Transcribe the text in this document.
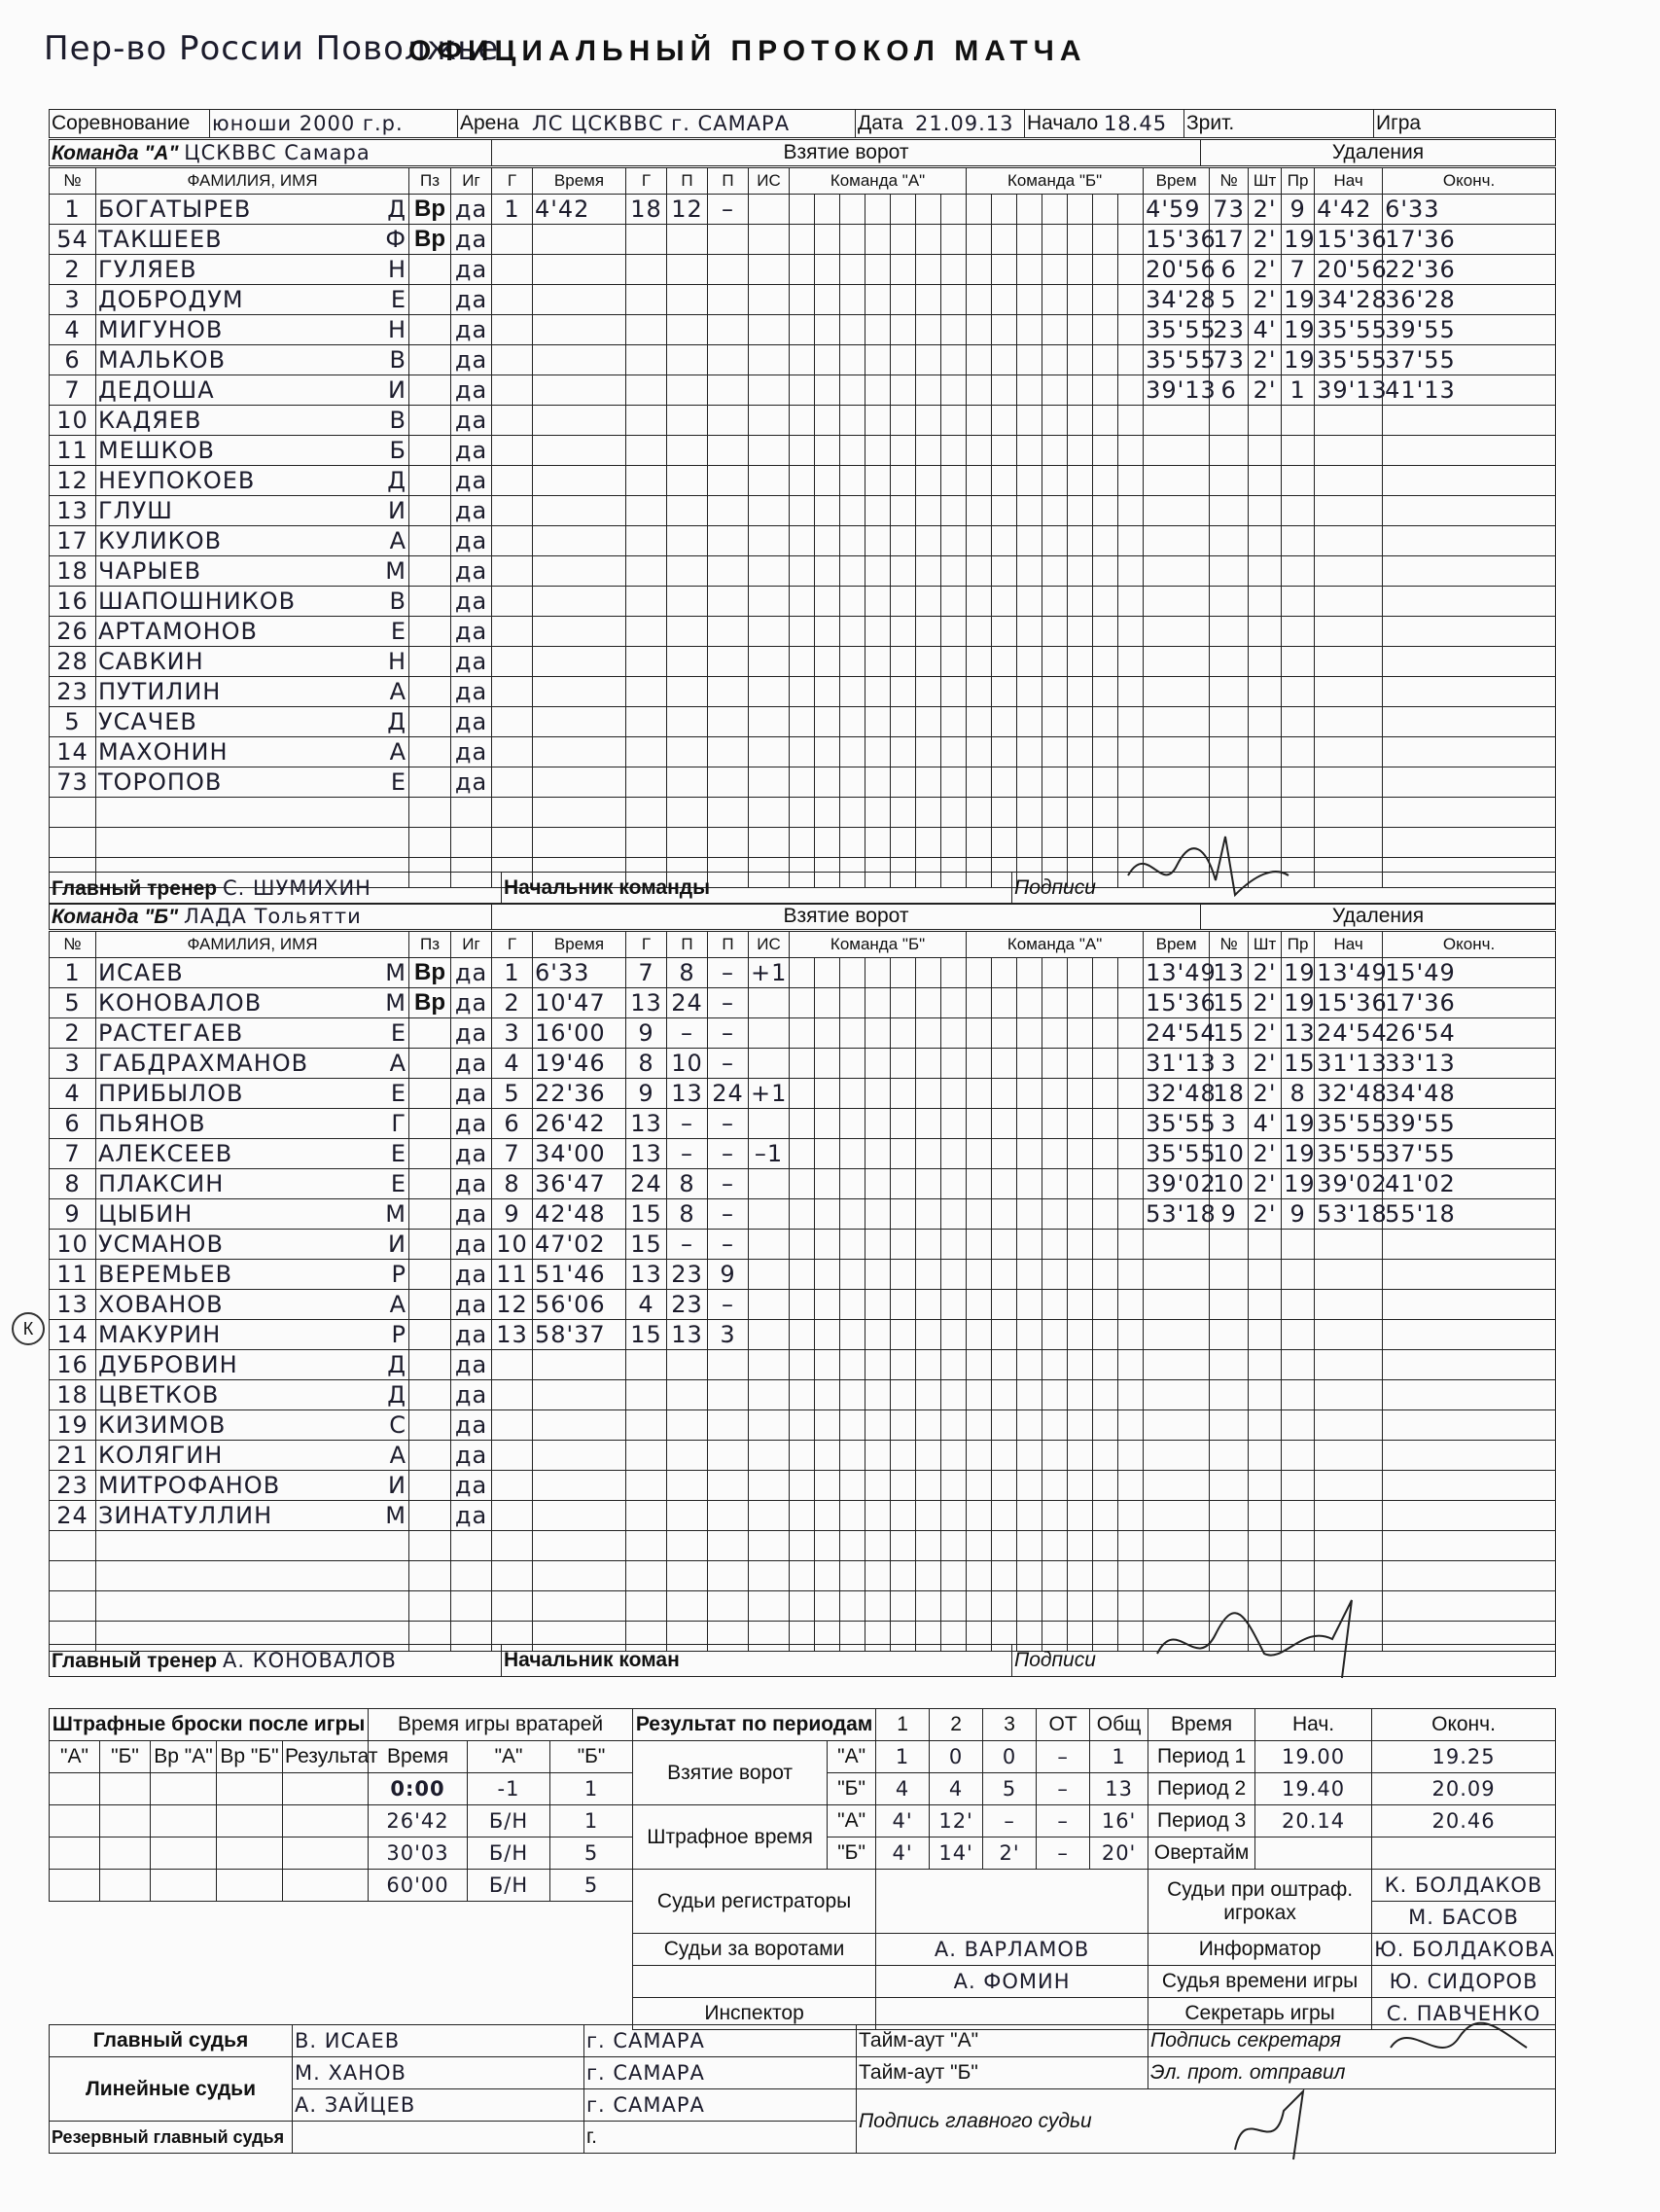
Пер-во России Поволжье
ОФИЦИАЛЬНЫЙ ПРОТОКОЛ МАТЧА
Соревнование	юноши 2000 г.р.	Арена	ЛС ЦСКВВС г. САМАРА	Дата	21.09.13	Начало	18.45	Зрит.	Игра
Команда "А" ЦСКВВС Самара	Взятие ворот	Удаления
№	ФАМИЛИЯ, ИМЯ	Пз	Иг	Г	Время	Г	П	П	ИС	Команда "А"							Команда "Б"							Врем	№	Шт	Пр	Нач	Оконч.
1	БОГАТЫРЕВ Д	Вр	да	1	4'42	18	12	–																4'59	73	2'	9	4'42	6'33
54	ТАКШЕЕВ Ф	Вр	да																					15'36	17	2'	19	15'36	17'36
2	ГУЛЯЕВ Н		да																					20'56	6	2'	7	20'56	22'36
3	ДОБРОДУМ Е		да																					34'28	5	2'	19	34'28	36'28
4	МИГУНОВ Н		да																					35'55	23	4'	19	35'55	39'55
6	МАЛЬКОВ В		да																					35'55	73	2'	19	35'55	37'55
7	ДЕДОША И		да																					39'13	6	2'	1	39'13	41'13
10	КАДЯЕВ В		да																										
11	МЕШКОВ Б		да																										
12	НЕУПОКОЕВ Д		да																										
13	ГЛУШ И		да																										
17	КУЛИКОВ А		да																										
18	ЧАРЫЕВ М		да																										
16	ШАПОШНИКОВ В		да																										
26	АРТАМОНОВ Е		да																										
28	САВКИН Н		да																										
23	ПУТИЛИН А		да																										
5	УСАЧЕВ Д		да																										
14	МАХОНИН А		да																										
73	ТОРОПОВ Е		да																										

Главный тренер С. ШУМИХИН	Начальник команды	Подписи
Команда "Б" ЛАДА Тольятти	Взятие ворот	Удаления
№	ФАМИЛИЯ, ИМЯ	Пз	Иг	Г	Время	Г	П	П	ИС	Команда "Б"							Команда "А"							Врем	№	Шт	Пр	Нач	Оконч.
1	ИСАЕВ М	Вр	да	1	6'33	7	8	–	+1															13'49	13	2'	19	13'49	15'49
5	КОНОВАЛОВ М	Вр	да	2	10'47	13	24	–																15'36	15	2'	19	15'36	17'36
2	РАСТЕГАЕВ Е		да	3	16'00	9	–	–																24'54	15	2'	13	24'54	26'54
3	ГАБДРАХМАНОВ А		да	4	19'46	8	10	–																31'13	3	2'	15	31'13	33'13
4	ПРИБЫЛОВ Е		да	5	22'36	9	13	24	+1															32'48	18	2'	8	32'48	34'48
6	ПЬЯНОВ Г		да	6	26'42	13	–	–																35'55	3	4'	19	35'55	39'55
7	АЛЕКСЕЕВ Е		да	7	34'00	13	–	–	–1															35'55	10	2'	19	35'55	37'55
8	ПЛАКСИН Е		да	8	36'47	24	8	–																39'02	10	2'	19	39'02	41'02
9	ЦЫБИН М		да	9	42'48	15	8	–																53'18	9	2'	9	53'18	55'18
10	УСМАНОВ И		да	10	47'02	15	–	–																					
11	ВЕРЕМЬЕВ Р		да	11	51'46	13	23	9																					
13	ХОВАНОВ А		да	12	56'06	4	23	–																					
14	МАКУРИН Р		да	13	58'37	15	13	3																					
16	ДУБРОВИН Д		да																										
18	ЦВЕТКОВ Д		да																										
19	КИЗИМОВ С		да																										
21	КОЛЯГИН А		да																										
23	МИТРОФАНОВ И		да																										
24	ЗИНАТУЛЛИН М		да																										

К
Главный тренер А. КОНОВАЛОВ	Начальник коман	Подписи
Штрафные броски после игры					Время игры вратарей			Результат по периодам		1	2	3	ОТ	Общ	Время	Нач.	Оконч.
"А"	"Б"	Вр "А"	Вр "Б"	Результат	Время	"А"	"Б"	Взятие ворот	"А"	1	0	0	–	1	Период 1	19.00	19.25
					0:00	-1	1		"Б"	4	4	5	–	13	Период 2	19.40	20.09
					26'42	Б/Н	1	Штрафное время	"А"	4'	12'	–	–	16'	Период 3	20.14	20.46
					30'03	Б/Н	5		"Б"	4'	14'	2'	–	20'	Овертайм		
					60'00	Б/Н	5	Судьи регистраторы							Судьи при оштраф. игроках		К. БОЛДАКОВ
																	М. БАСОВ
								Судьи за воротами		А. ВАРЛАМОВ					Информатор		Ю. БОЛДАКОВА
										А. ФОМИН					Судья времени игры		Ю. СИДОРОВ
								Инспектор							Секретарь игры		С. ПАВЧЕНКО
Главный судья	В. ИСАЕВ	г. САМАРА	Тайм-аут "А"	Подпись секретаря
Линейные судьи	М. ХАНОВ	г. САМАРА	Тайм-аут "Б"	Эл. прот. отправил
	А. ЗАЙЦЕВ	г. САМАРА	Подпись главного судьи	
Резервный главный судья		г.		
